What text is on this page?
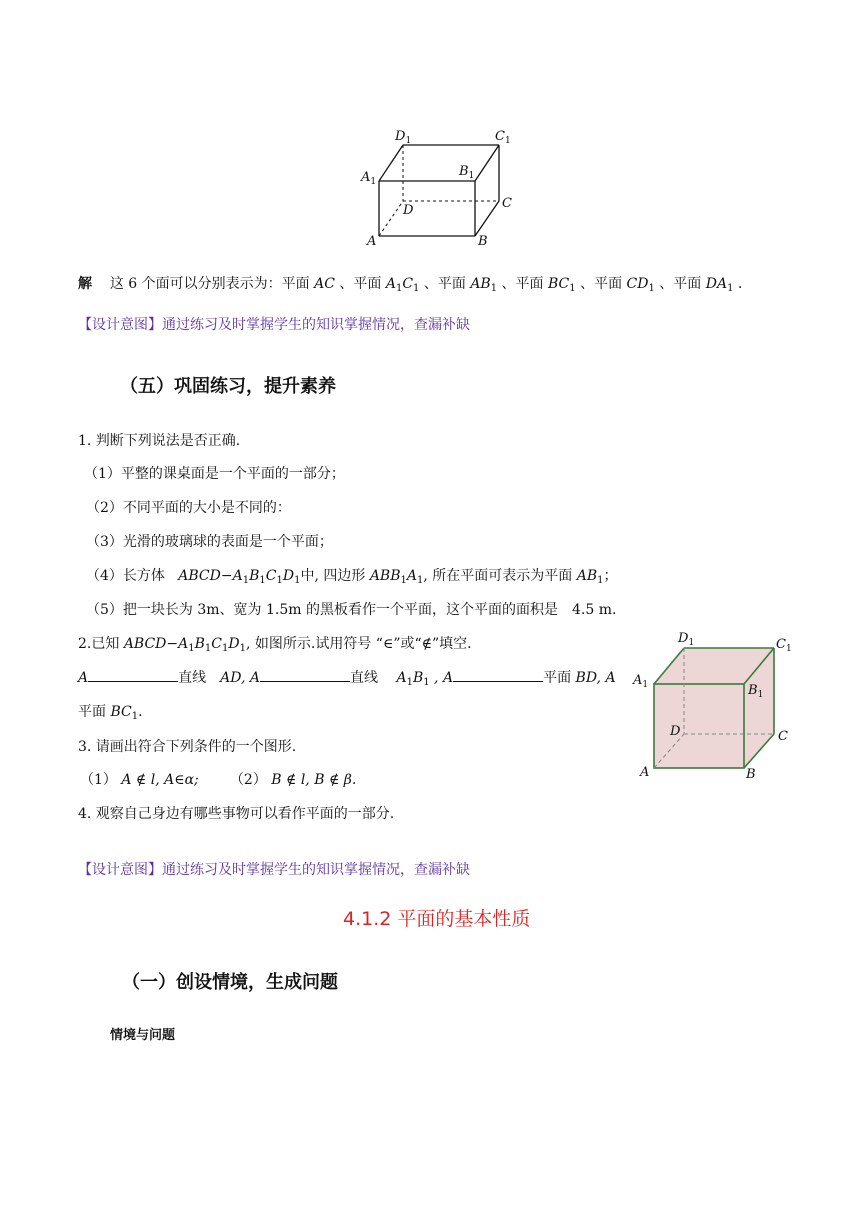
$D_1$	$C_1$
$A_1$
$B_1$
D	C
A	B
解 这 6 个面可以分别表示为：平面 AC 、平面 $A_1C_1$ 、平面 $AB_1$ 、平面 $BC_1$ 、平面 $CD_1$ 、平面 $DA_1$ .
【设计意图】通过练习及时掌握学生的知识掌握情况，查漏补缺
（五）巩固练习，提升素养
1. 判断下列说法是否正确.
（1）平整的课桌面是一个平面的一部分；
（2）不同平面的大小是不同的：
（3）光滑的玻璃球的表面是一个平面；
（4）长方体   $ABCD-A_1B_1C_1D_1$中, 四边形 $ABB_1A_1$, 所在平面可表示为平面 $AB_1$；
（5）把一块长为 3m、宽为 1.5m 的黑板看作一个平面，这个平面的面积是　4.5 m.
2.已知 $ABCD-A_1B_1C_1D_1$, 如图所示.试用符号 “∈”或“∉”填空.
A	直线　AD, A	直线　 $A_1B_1$ , A	平面 BD, A
平面 $BC_1$.
$D_1$	$C_1$
$A_1$	$B_1$
D	C
A	B
3. 请画出符合下列条件的一个图形.
（1） A ∉ l, A∈α; （2） B ∉ l, B ∉ β.
4. 观察自己身边有哪些事物可以看作平面的一部分.
【设计意图】通过练习及时掌握学生的知识掌握情况，查漏补缺
4.1.2 平面的基本性质
（一）创设情境，生成问题
情境与问题
